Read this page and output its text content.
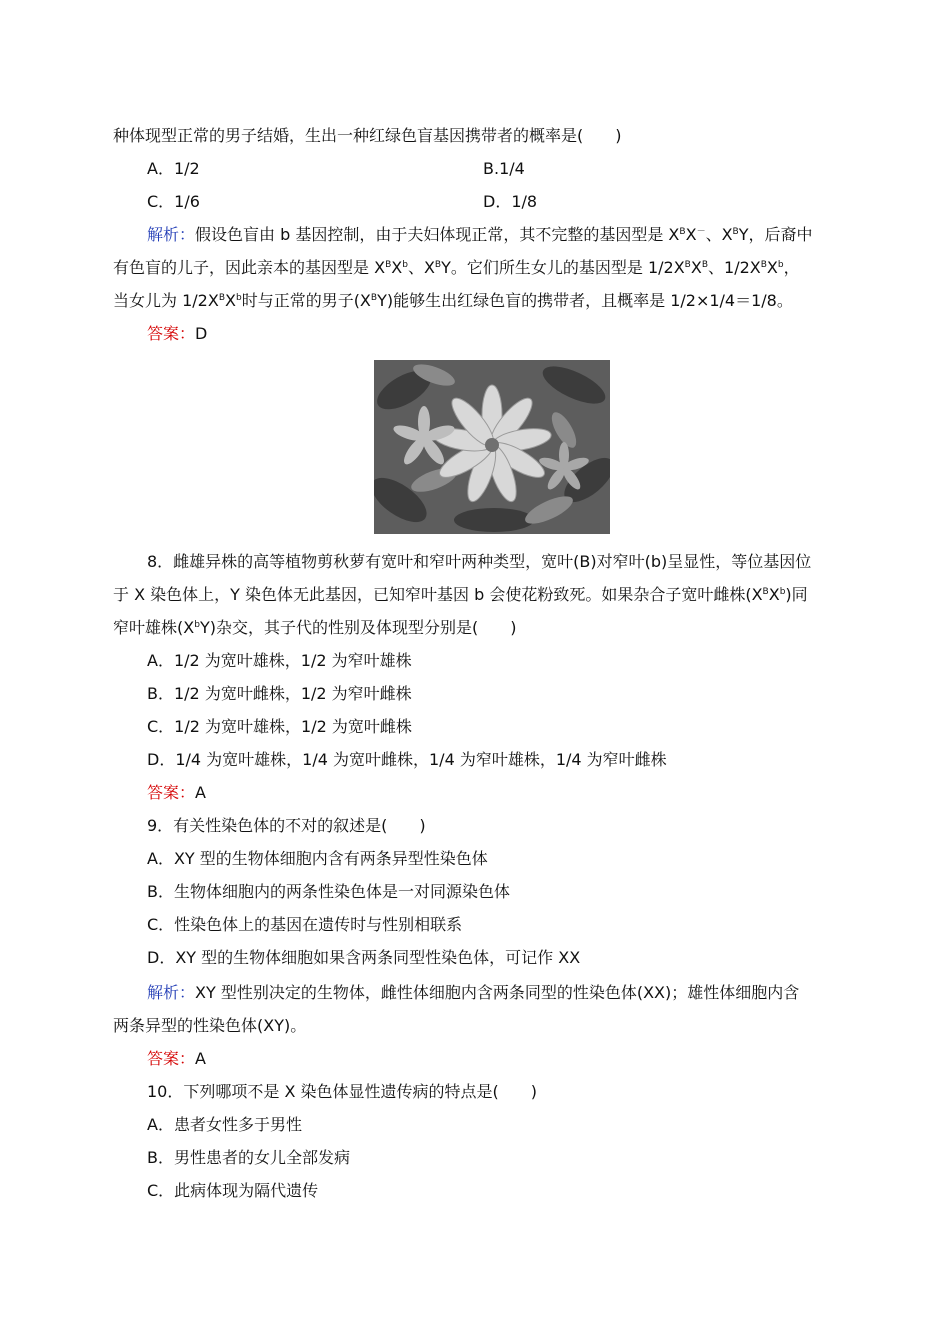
种体现型正常的男子结婚，生出一种红绿色盲基因携带者的概率是(　　)
A．1/2	B.1/4
C．1/6	D．1/8
解析：假设色盲由 b 基因控制，由于夫妇体现正常，其不完整的基因型是 $X^BX^-$、$X^BY$，后裔中
有色盲的儿子，因此亲本的基因型是 $X^BX^b$、$X^BY$。它们所生女儿的基因型是 $1/2X^BX^B$、$1/2X^BX^b$，
当女儿为 $1/2X^BX^b$时与正常的男子$(X^BY)$能够生出红绿色盲的携带者，且概率是 1/2×1/4＝1/8。
答案：D
8．雌雄异株的高等植物剪秋萝有宽叶和窄叶两种类型，宽叶(B)对窄叶(b)呈显性，等位基因位
于 X 染色体上，Y 染色体无此基因，已知窄叶基因 b 会使花粉致死。如果杂合子宽叶雌株$(X^BX^b)$同
窄叶雄株$(X^bY)$杂交，其子代的性别及体现型分别是(　　)
A．1/2 为宽叶雄株，1/2 为窄叶雄株
B．1/2 为宽叶雌株，1/2 为窄叶雌株
C．1/2 为宽叶雄株，1/2 为宽叶雌株
D．1/4 为宽叶雄株，1/4 为宽叶雌株，1/4 为窄叶雄株，1/4 为窄叶雌株
答案：A
9．有关性染色体的不对的叙述是(　　)
A．XY 型的生物体细胞内含有两条异型性染色体
B．生物体细胞内的两条性染色体是一对同源染色体
C．性染色体上的基因在遗传时与性别相联系
D．XY 型的生物体细胞如果含两条同型性染色体，可记作 XX
解析：XY 型性别决定的生物体，雌性体细胞内含两条同型的性染色体(XX)；雄性体细胞内含
两条异型的性染色体(XY)。
答案：A
10．下列哪项不是 X 染色体显性遗传病的特点是(　　)
A．患者女性多于男性
B．男性患者的女儿全部发病
C．此病体现为隔代遗传
